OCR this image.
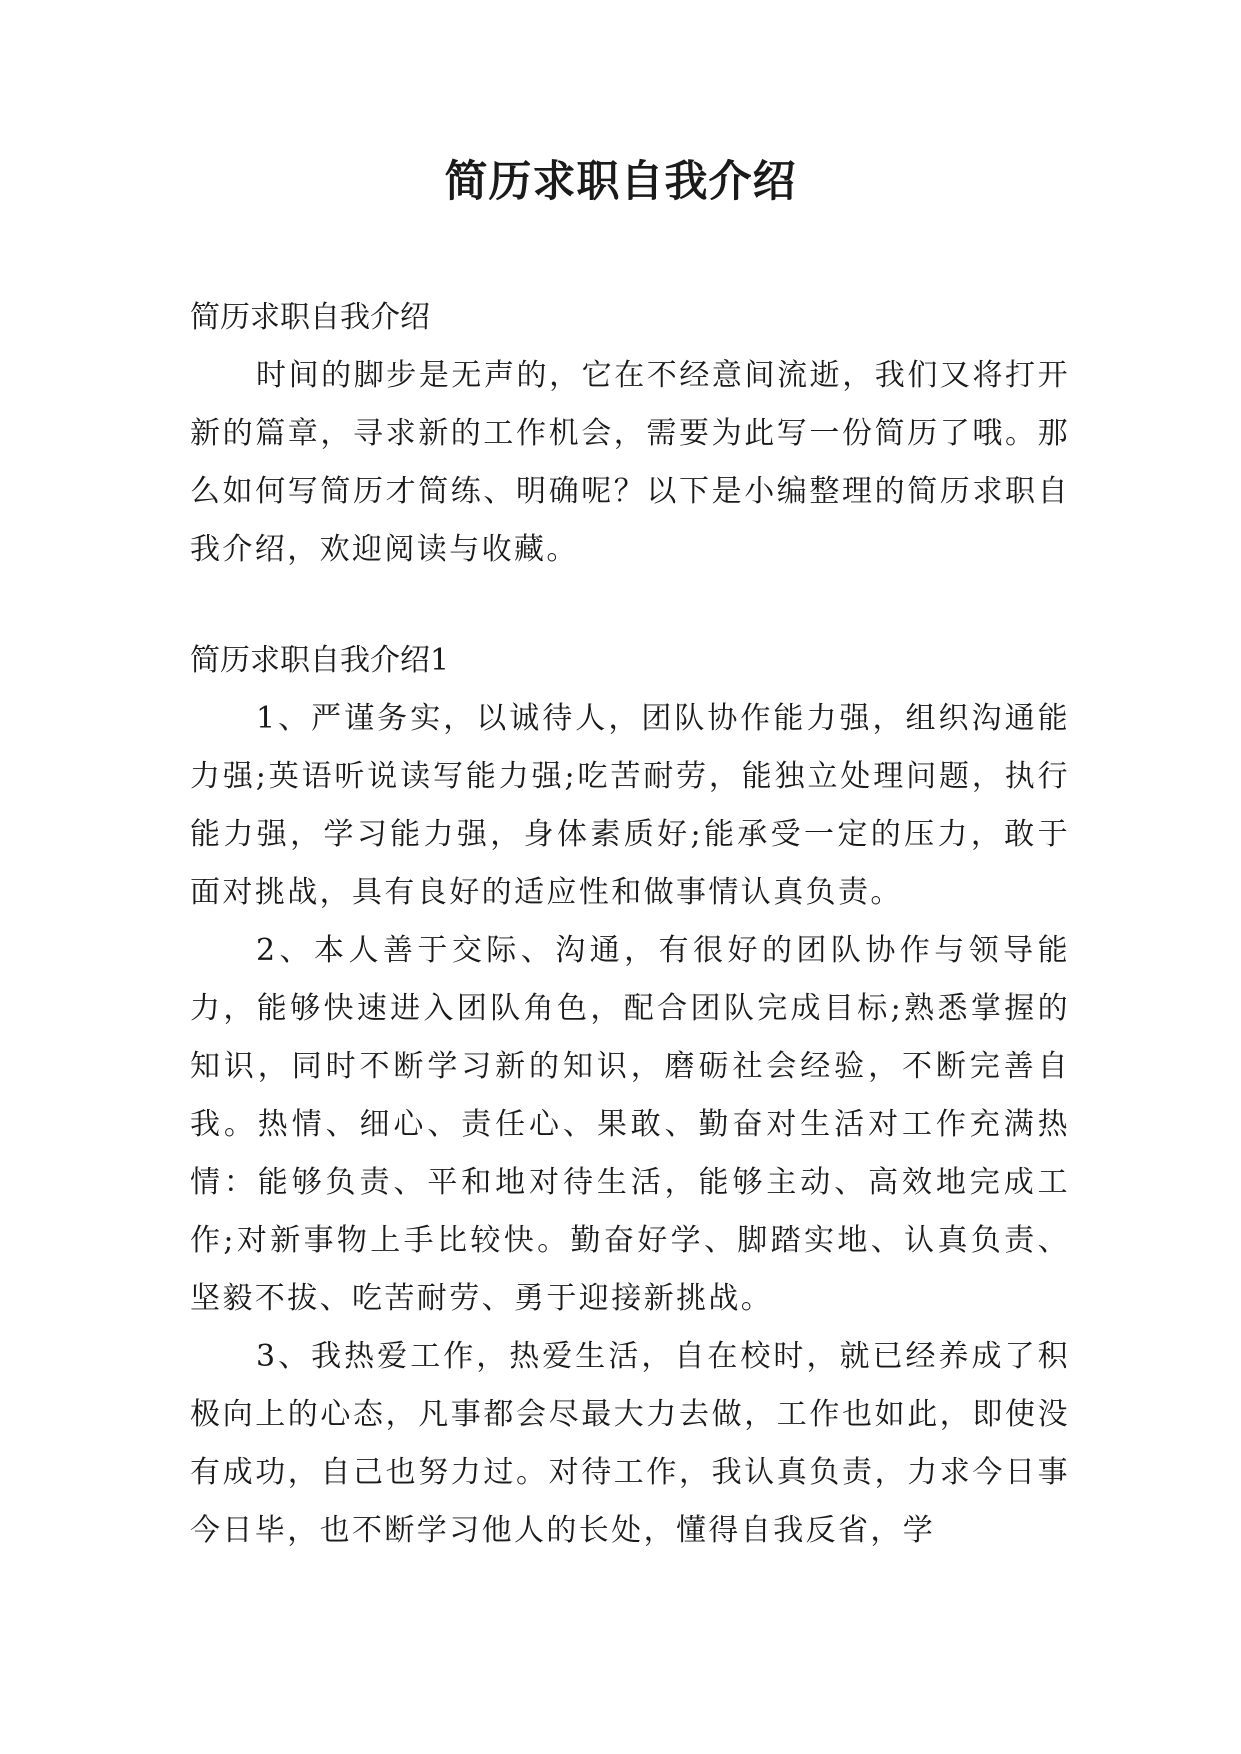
简历求职自我介绍
简历求职自我介绍

时间的脚步是无声的，它在不经意间流逝，我们又将打开新的篇章，寻求新的工作机会，需要为此写一份简历了哦。那么如何写简历才简练、明确呢？以下是小编整理的简历求职自我介绍，欢迎阅读与收藏。

简历求职自我介绍1

1、严谨务实，以诚待人，团队协作能力强，组织沟通能力强;英语听说读写能力强;吃苦耐劳，能独立处理问题，执行能力强，学习能力强，身体素质好;能承受一定的压力，敢于面对挑战，具有良好的适应性和做事情认真负责。

2、本人善于交际、沟通，有很好的团队协作与领导能力，能够快速进入团队角色，配合团队完成目标;熟悉掌握的知识，同时不断学习新的知识，磨砺社会经验，不断完善自我。热情、细心、责任心、果敢、勤奋对生活对工作充满热情：能够负责、平和地对待生活，能够主动、高效地完成工作;对新事物上手比较快。勤奋好学、脚踏实地、认真负责、坚毅不拔、吃苦耐劳、勇于迎接新挑战。

3、我热爱工作，热爱生活，自在校时，就已经养成了积极向上的心态，凡事都会尽最大力去做，工作也如此，即使没有成功，自己也努力过。对待工作，我认真负责，力求今日事今日毕，也不断学习他人的长处，懂得自我反省，学
